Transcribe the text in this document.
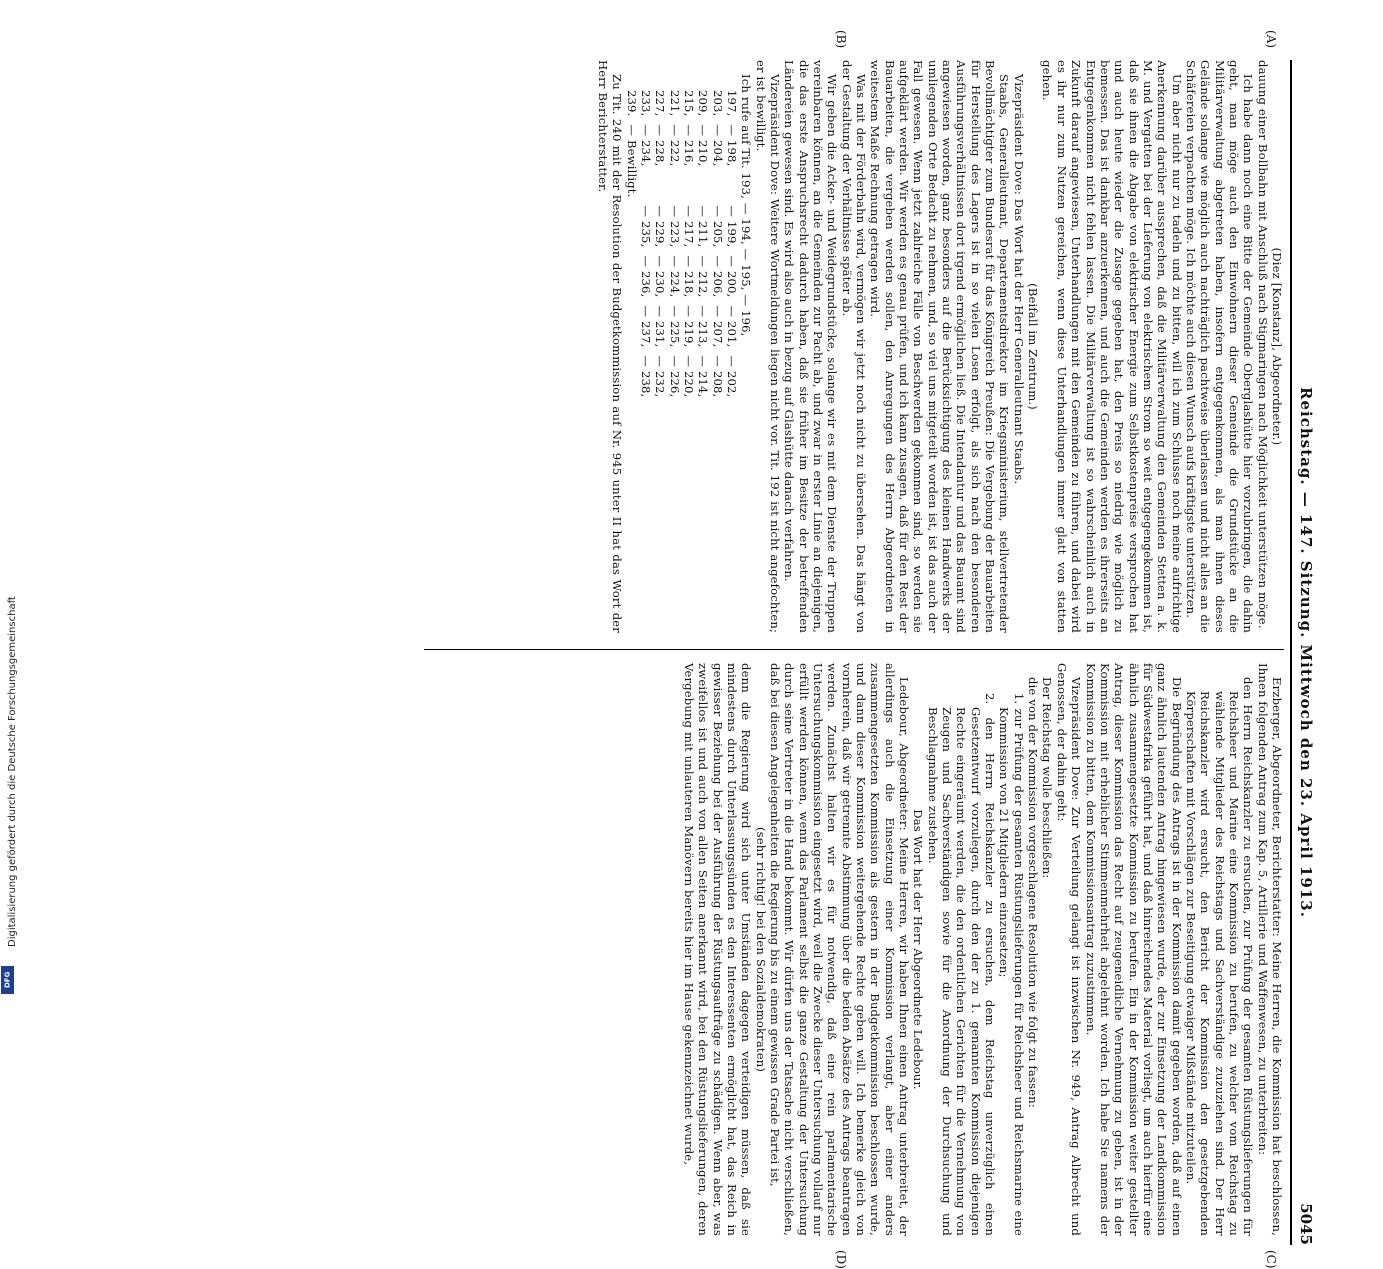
Digitalisierung gefördert durch die Deutsche Forschungsgemeinschaft
DFG
Reichstag. — 147. Sitzung. Mittwoch den 23. April 1913.
5045
(A)
(B)
(C)
(D)

(Diez [Konstanz], Abgeordneter.)

dauung einer Bollbahn mit Anschluß nach Stigmaringen nach Möglichkeit unterstützen möge.

Ich habe dann noch eine Bitte der Gemeinde Oberglashütte hier vorzubringen, die dahin geht, man möge auch den Einwohnern dieser Gemeinde die Grundstücke an die Militärverwaltung abgetreten haben, insofern entgegenkommen, als man ihnen dieses Gelände solange wie möglich auch nachträglich pachtweise überlassen und nicht alles an die Schäfereien verpachten möge. Ich möchte auch diesen Wunsch aufs kräftigste unterstützen.

Um aber nicht nur zu tadeln und zu bitten, will ich zum Schlusse noch meine aufrichtige Anerkennung darüber aussprechen, daß die Militärverwaltung den Gemeinden Stetten a. k. M. und Vergatten bei der Lieferung von elektrischem Strom so weit entgegengekommen ist, daß sie ihnen die Abgabe von elektrischer Energie zum Selbstkostenpreise versprochen hat und auch heute wieder die Zusage gegeben hat, den Preis so niedrig wie möglich zu bemessen. Das ist dankbar anzuerkennen, und auch die Gemeinden werden es ihrerseits an Entgegenkommen nicht fehlen lassen. Die Militärverwaltung ist so wahrscheinlich auch in Zukunft darauf angewiesen, Unterhandlungen mit den Gemeinden zu führen, und dabei wird es ihr nur zum Nutzen gereichen, wenn diese Unterhandlungen immer glatt von statten gehen.

(Beifall im Zentrum.)

Vizepräsident Dove: Das Wort hat der Herr Generalleutnant Staabs.

Staabs, Generalleutnant, Departementsdirektor im Kriegsministerium, stellvertretender Bevollmächtigter zum Bundesrat für das Königreich Preußen: Die Vergebung der Bauarbeiten für Herstellung des Lagers ist in so vielen Losen erfolgt, als sich nach den besonderen Ausführungsverhältnissen dort irgend ermöglichen ließ. Die Intendantur und das Bauamt sind angewiesen worden, ganz besonders auf die Berücksichtigung des kleinen Handwerks der umliegenden Orte Bedacht zu nehmen, und, so viel uns mitgeteilt worden ist, ist das auch der Fall gewesen. Wenn jetzt zahlreiche Fälle von Beschwerden gekommen sind, so werden sie aufgeklärt werden. Wir werden es genau prüfen, und ich kann zusagen, daß für den Rest der Bauarbeiten, die vergeben werden sollen, den Anregungen des Herrn Abgeordneten in weitestem Maße Rechnung getragen wird.

Was mit der Förderbahn wird, vermögen wir jetzt noch nicht zu übersehen. Das hängt von der Gestaltung der Verhältnisse später ab.

Wir geben die Acker- und Weidegrundstücke, solange wir es mit dem Dienste der Truppen vereinbaren können, an die Gemeinden zur Pacht ab, und zwar in erster Linie an diejenigen, die das erste Anspruchsrecht dadurch haben, daß sie früher im Besitze der betreffenden Ländereien gewesen sind. Es wird also auch in bezug auf Glashütte danach verfahren.

Vizepräsident Dove: Weitere Wortmeldungen liegen nicht vor. Tit. 192 ist nicht angefochten; er ist bewilligt.

Ich rufe auf Tit. 193, — 194, — 195, — 196,

197,	— 198,	— 199,	— 200,	— 201,	— 202,
203,	— 204,	— 205,	— 206,	— 207,	— 208,
209,	— 210,	— 211,	— 212,	— 213,	— 214,
215,	— 216,	— 217,	— 218,	— 219,	— 220,
221,	— 222,	— 223,	— 224,	— 225,	— 226,
227,	— 228,	— 229,	— 230,	— 231,	— 232,
233,	— 234,	— 235,	— 236,	— 237,	— 238,
239.	— Bewilligt.				

Zu Tit. 240 mit der Resolution der Budgetkommission auf Nr. 945 unter II hat das Wort der Herr Berichterstatter.

Erzberger, Abgeordneter, Berichterstatter: Meine Herren, die Kommission hat beschlossen, Ihnen folgenden Antrag zum Kap. 5, Artillerie und Waffenwesen, zu unterbreiten:

den Herrn Reichskanzler zu ersuchen, zur Prüfung der gesamten Rüstungslieferungen für Reichsheer und Marine eine Kommission zu berufen, zu welcher vom Reichstag zu wählende Mitglieder des Reichstags und Sachverständige zuzuziehen sind. Der Herr Reichskanzler wird ersucht, den Bericht der Kommission den gesetzgebenden Körperschaften mit Vorschlägen zur Beseitigung etwaiger Mißstände mitzuteilen.

Die Begründung des Antrags ist in der Kommission damit gegeben worden, daß auf einen ganz ähnlich lautenden Antrag hingewiesen wurde, der zur Einsetzung der Landkommission für Südwestafrika geführt hat, und daß hinreichendes Material vorliegt, um auch hierfür eine ähnlich zusammengesetzte Kommission zu berufen. Ein in der Kommission weiter gestellter Antrag, dieser Kommission das Recht auf zeugeneidliche Vernehmung zu geben, ist in der Kommission mit erheblicher Stimmenmehrheit abgelehnt worden. Ich habe Sie namens der Kommission zu bitten, dem Kommissionsantrag zuzustimmen.

Vizepräsident Dove: Zur Verteilung gelangt ist inzwischen Nr. 949, Antrag Albrecht und Genossen, der dahin geht:

Der Reichstag wolle beschließen:

die von der Kommission vorgeschlagene Resolution wie folgt zu fassen:

1. zur Prüfung der gesamten Rüstungslieferungen für Reichsheer und Reichsmarine eine Kommission von 21 Mitgliedern einzusetzen;

2. den Herrn Reichskanzler zu ersuchen, dem Reichstag unverzüglich einen Gesetzentwurf vorzulegen, durch den der zu 1. genannten Kommission diejenigen Rechte eingeräumt werden, die den ordentlichen Gerichten für die Vernehmung von Zeugen und Sachverständigen sowie für die Anordnung der Durchsuchung und Beschlagnahme zustehen.

Das Wort hat der Herr Abgeordnete Ledebour.

Ledebour, Abgeordneter: Meine Herren, wir haben Ihnen einen Antrag unterbreitet, der allerdings auch die Einsetzung einer Kommission verlangt, aber einer anders zusammengesetzten Kommission als gestern in der Budgetkommission beschlossen wurde, und dann dieser Kommission weitergehende Rechte geben will. Ich bemerke gleich von vornherein, daß wir getrennte Abstimmung über die beiden Absätze des Antrags beantragen werden. Zunächst halten wir es für notwendig, daß eine rein parlamentarische Untersuchungskommission eingesetzt wird, weil die Zwecke dieser Untersuchung vollauf nur erfüllt werden können, wenn das Parlament selbst die ganze Gestaltung der Untersuchung durch seine Vertreter in die Hand bekommt. Wir dürfen uns der Tatsache nicht verschließen, daß bei diesen Angelegenheiten die Regierung bis zu einem gewissen Grade Partei ist,

(sehr richtig! bei den Sozialdemokraten)

denn die Regierung wird sich unter Umständen dagegen verteidigen müssen, daß sie mindestens durch Unterlassungssünden es den Interessenten ermöglicht hat, das Reich in gewisser Beziehung bei der Ausführung der Rüstungsaufträge zu schädigen. Wenn aber, was zweifellos ist und auch von allen Seiten anerkannt wird, bei den Rüstungslieferungen, deren Vergebung mit unlauteren Manövern bereits hier im Hause gekennzeichnet wurde,
